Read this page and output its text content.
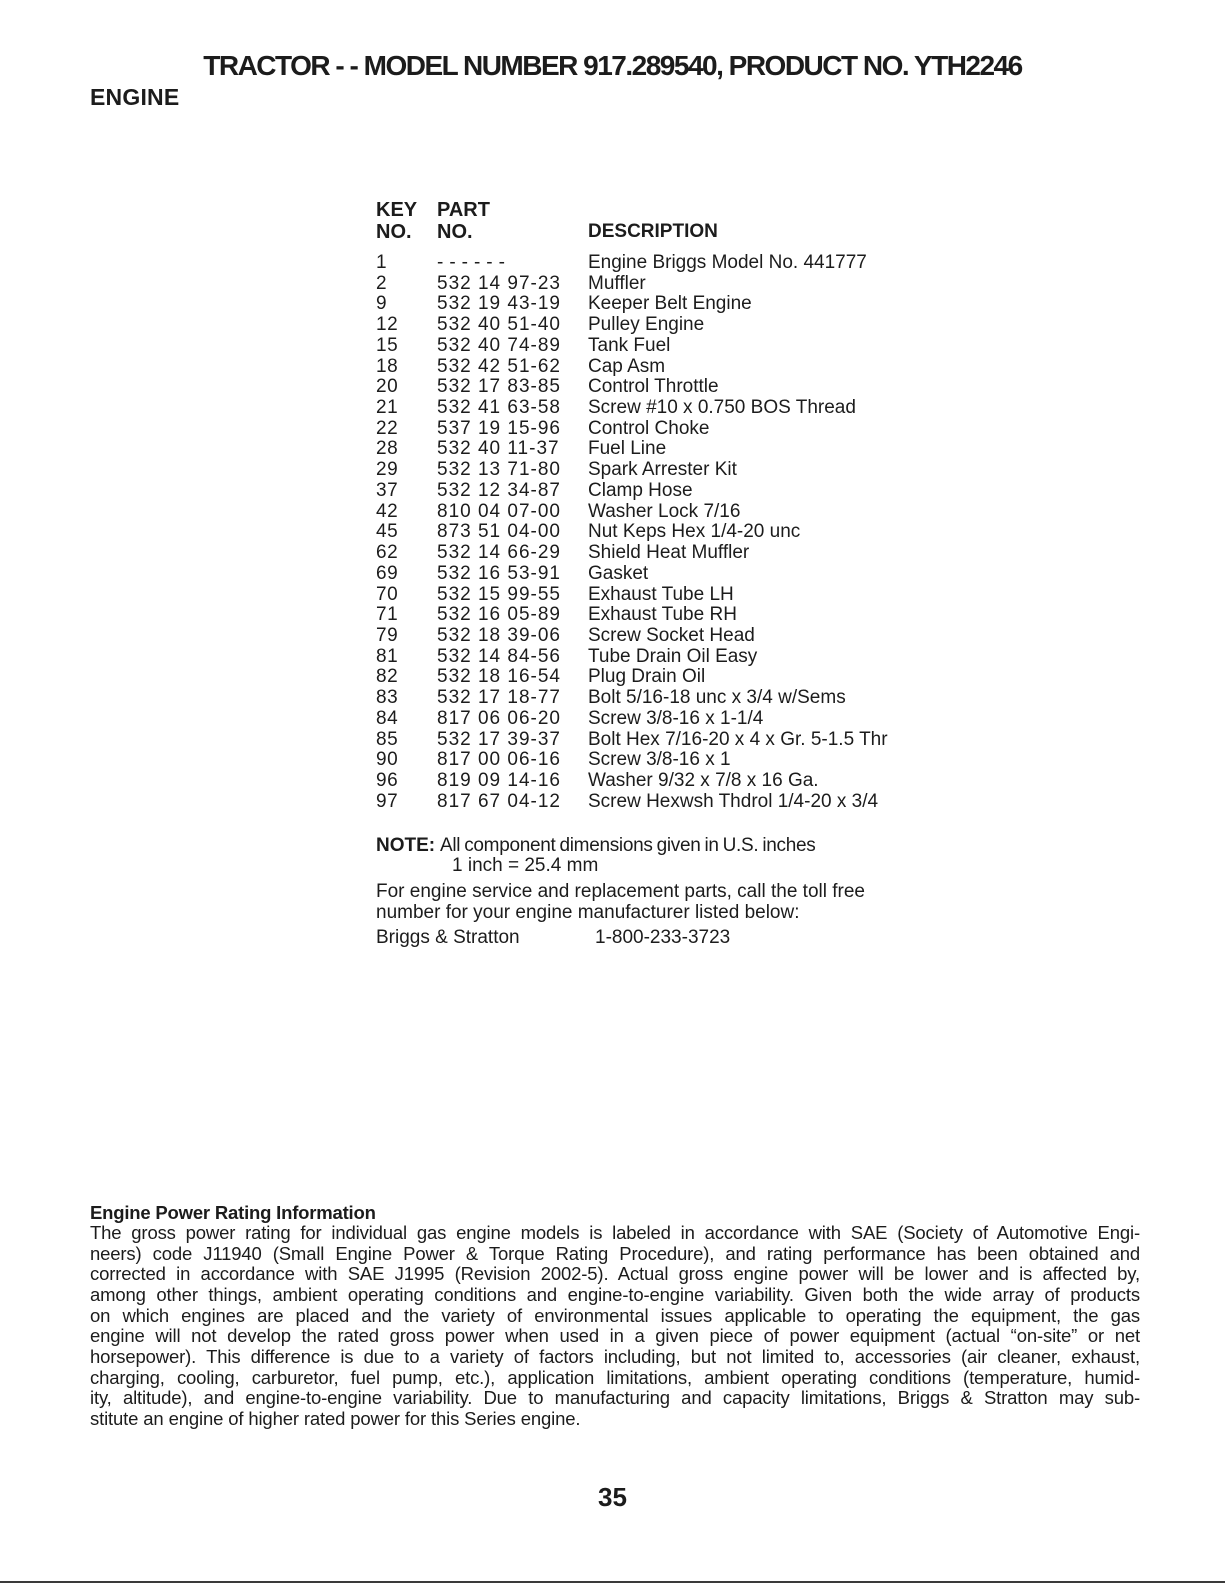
TRACTOR - - MODEL NUMBER 917.289540, PRODUCT NO. YTH2246
ENGINE
KEY
NO.
PART
NO.	DESCRIPTION
1	------	Engine Briggs Model No. 441777
2	532 14 97-23 Muffler
9	532 19 43-19 Keeper Belt Engine
12 532 40 51-40 Pulley Engine
15 532 40 74-89 Tank Fuel
18 532 42 51-62 Cap Asm
20 532 17 83-85 Control Throttle
21 532 41 63-58 Screw #10 x 0.750 BOS Thread
22 537 19 15-96 Control Choke
28 532 40 11-37 Fuel Line
29 532 13 71-80 Spark Arrester Kit
37 532 12 34-87 Clamp Hose
42 810 04 07-00 Washer Lock 7/16
45 873 51 04-00 Nut Keps Hex 1/4-20 unc
62 532 14 66-29 Shield Heat Muffler
69 532 16 53-91 Gasket
70 532 15 99-55 Exhaust Tube LH
71 532 16 05-89 Exhaust Tube RH
79 532 18 39-06 Screw Socket Head
81 532 14 84-56 Tube Drain Oil Easy
82 532 18 16-54 Plug Drain Oil
83 532 17 18-77 Bolt 5/16-18 unc x 3/4 w/Sems
84 817 06 06-20 Screw 3/8-16 x 1-1/4
85 532 17 39-37 Bolt Hex 7/16-20 x 4 x Gr. 5-1.5 Thr
90 817 00 06-16 Screw 3/8-16 x 1
96 819 09 14-16 Washer 9/32 x 7/8 x 16 Ga.
97 817 67 04-12 Screw Hexwsh Thdrol 1/4-20 x 3/4
NOTE: All component dimensions given in U.S. inches
1 inch = 25.4 mm
For engine service and replacement parts, call the toll free
number for your engine manufacturer listed below:
Briggs & Stratton	1-800-233-3723
Engine Power Rating Information
The gross power rating for individual gas engine models is labeled in accordance with SAE (Society of Automotive Engi-
neers) code J11940 (Small Engine Power & Torque Rating Procedure), and rating performance has been obtained and
corrected in accordance with SAE J1995 (Revision 2002-5). Actual gross engine power will be lower and is affected by,
among other things, ambient operating conditions and engine-to-engine variability. Given both the wide array of products
on which engines are placed and the variety of environmental issues applicable to operating the equipment, the gas
engine will not develop the rated gross power when used in a given piece of power equipment (actual “on-site” or net
horsepower). This difference is due to a variety of factors including, but not limited to, accessories (air cleaner, exhaust,
charging, cooling, carburetor, fuel pump, etc.), application limitations, ambient operating conditions (temperature, humid-
ity, altitude), and engine-to-engine variability. Due to manufacturing and capacity limitations, Briggs & Stratton may sub-
stitute an engine of higher rated power for this Series engine.
35
